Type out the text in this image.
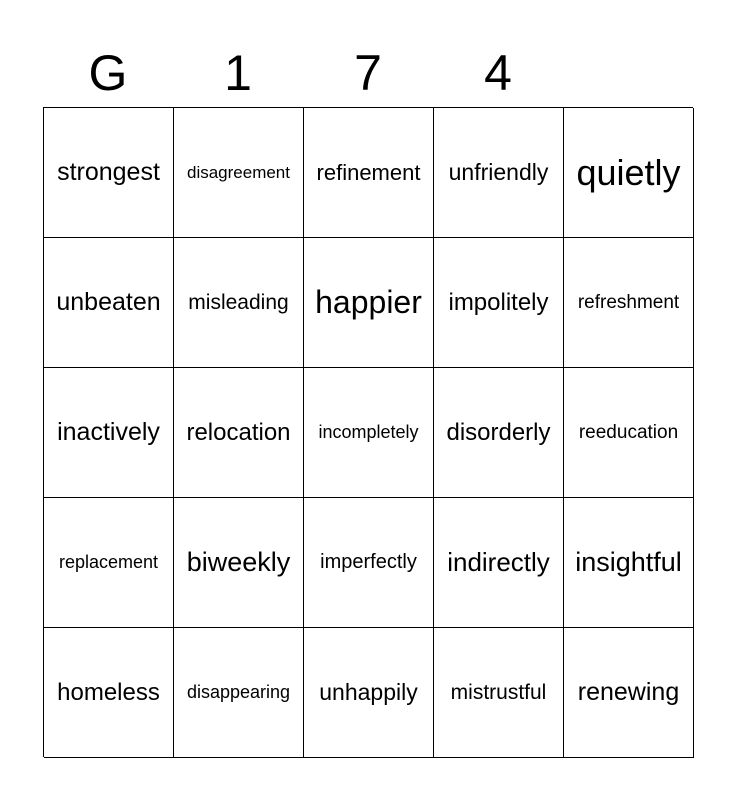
G	1	7	4
strongest disagreement refinement unfriendly quietly
unbeaten misleading happier impolitely refreshment
inactively relocation incompletely disorderly reeducation
replacement biweekly imperfectly indirectly insightful
homeless disappearing unhappily mistrustful renewing
